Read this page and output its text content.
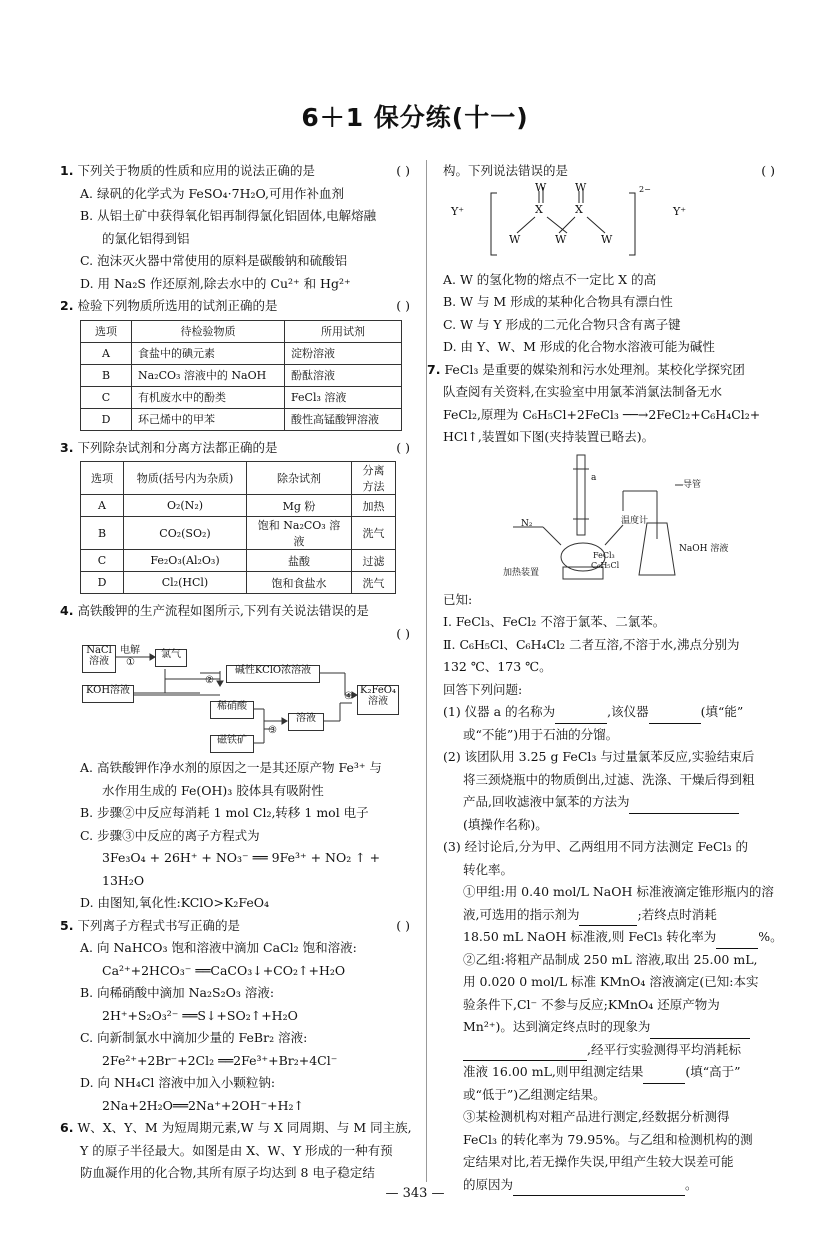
6＋1 保分练(十一)
1. 下列关于物质的性质和应用的说法正确的是	( )
A. 绿矾的化学式为 FeSO₄·7H₂O,可用作补血剂
B. 从铝土矿中获得氧化铝再制得氯化铝固体,电解熔融
的氯化铝得到铝
C. 泡沫灭火器中常使用的原料是碳酸钠和硫酸铝
D. 用 Na₂S 作还原剂,除去水中的 Cu²⁺ 和 Hg²⁺
2. 检验下列物质所选用的试剂正确的是	( )
选项	待检验物质	所用试剂
A	食盐中的碘元素	淀粉溶液
B	Na₂CO₃ 溶液中的 NaOH	酚酞溶液
C	有机废水中的酚类	FeCl₃ 溶液
D	环己烯中的甲苯	酸性高锰酸钾溶液
3. 下列除杂试剂和分离方法都正确的是	( )
选项	物质(括号内为杂质)	除杂试剂	分离方法
A	O₂(N₂)	Mg 粉	加热
B	CO₂(SO₂)	饱和 Na₂CO₃ 溶液	洗气
C	Fe₂O₃(Al₂O₃)	盐酸	过滤
D	Cl₂(HCl)	饱和食盐水	洗气
4. 高铁酸钾的生产流程如图所示,下列有关说法错误的是
( )
NaCl 溶液
电解
①
氯气
KOH溶液
②
碱性KClO浓溶液
稀硝酸
磁铁矿
③
溶液
④
K₂FeO₄ 溶液
A. 高铁酸钾作净水剂的原因之一是其还原产物 Fe³⁺ 与
水作用生成的 Fe(OH)₃ 胶体具有吸附性
B. 步骤②中反应每消耗 1 mol Cl₂,转移 1 mol 电子
C. 步骤③中反应的离子方程式为
3Fe₃O₄ + 26H⁺ + NO₃⁻ ══ 9Fe³⁺ + NO₂ ↑ +
13H₂O
D. 由图知,氧化性:KClO>K₂FeO₄
5. 下列离子方程式书写正确的是	( )
A. 向 NaHCO₃ 饱和溶液中滴加 CaCl₂ 饱和溶液:
Ca²⁺+2HCO₃⁻ ══CaCO₃↓+CO₂↑+H₂O
B. 向稀硝酸中滴加 Na₂S₂O₃ 溶液:
2H⁺+S₂O₃²⁻ ══S↓+SO₂↑+H₂O
C. 向新制氯水中滴加少量的 FeBr₂ 溶液:
2Fe²⁺+2Br⁻+2Cl₂ ══2Fe³⁺+Br₂+4Cl⁻
D. 向 NH₄Cl 溶液中加入小颗粒钠:
2Na+2H₂O══2Na⁺+2OH⁻+H₂↑
6. W、X、Y、M 为短周期元素,W 与 X 同周期、与 M 同主族,
Y 的原子半径最大。如图是由 X、W、Y 形成的一种有预
防血凝作用的化合物,其所有原子均达到 8 电子稳定结
构。下列说法错误的是	( )
W	W
X	X
W	W	W
Y⁺	Y⁺
2−
A. W 的氢化物的熔点不一定比 X 的高
B. W 与 M 形成的某种化合物具有漂白性
C. W 与 Y 形成的二元化合物只含有离子键
D. 由 Y、W、M 形成的化合物水溶液可能为碱性
7. FeCl₃ 是重要的媒染剂和污水处理剂。某校化学探究团
队查阅有关资料,在实验室中用氯苯消氯法制备无水
FeCl₂,原理为 C₆H₅Cl+2FeCl₃ ──→2FeCl₂+C₆H₄Cl₂+
HCl↑,装置如下图(夹持装置已略去)。
N₂
a
温度计
导管
NaOH 溶液
FeCl₃
C₆H₅Cl
加热装置
已知:
Ⅰ. FeCl₃、FeCl₂ 不溶于氯苯、二氯苯。
Ⅱ. C₆H₅Cl、C₆H₄Cl₂ 二者互溶,不溶于水,沸点分别为
132 ℃、173 ℃。
回答下列问题:
(1) 仪器 a 的名称为	,该仪器	(填“能”
或“不能”)用于石油的分馏。
(2) 该团队用 3.25 g FeCl₃ 与过量氯苯反应,实验结束后
将三颈烧瓶中的物质倒出,过滤、洗涤、干燥后得到粗
产品,回收滤液中氯苯的方法为
(填操作名称)。
(3) 经讨论后,分为甲、乙两组用不同方法测定 FeCl₃ 的
转化率。
①甲组:用 0.40 mol/L NaOH 标准液滴定锥形瓶内的溶
液,可选用的指示剂为	;若终点时消耗
18.50 mL NaOH 标准液,则 FeCl₃ 转化率为	%。
②乙组:将粗产品制成 250 mL 溶液,取出 25.00 mL,
用 0.020 0 mol/L 标准 KMnO₄ 溶液滴定(已知:本实
验条件下,Cl⁻ 不参与反应;KMnO₄ 还原产物为
Mn²⁺)。达到滴定终点时的现象为
,经平行实验测得平均消耗标
准液 16.00 mL,则甲组测定结果	(填“高于”
或“低于”)乙组测定结果。
③某检测机构对粗产品进行测定,经数据分析测得
FeCl₃ 的转化率为 79.95%。与乙组和检测机构的测
定结果对比,若无操作失误,甲组产生较大误差可能
的原因为	。
— 343 —
